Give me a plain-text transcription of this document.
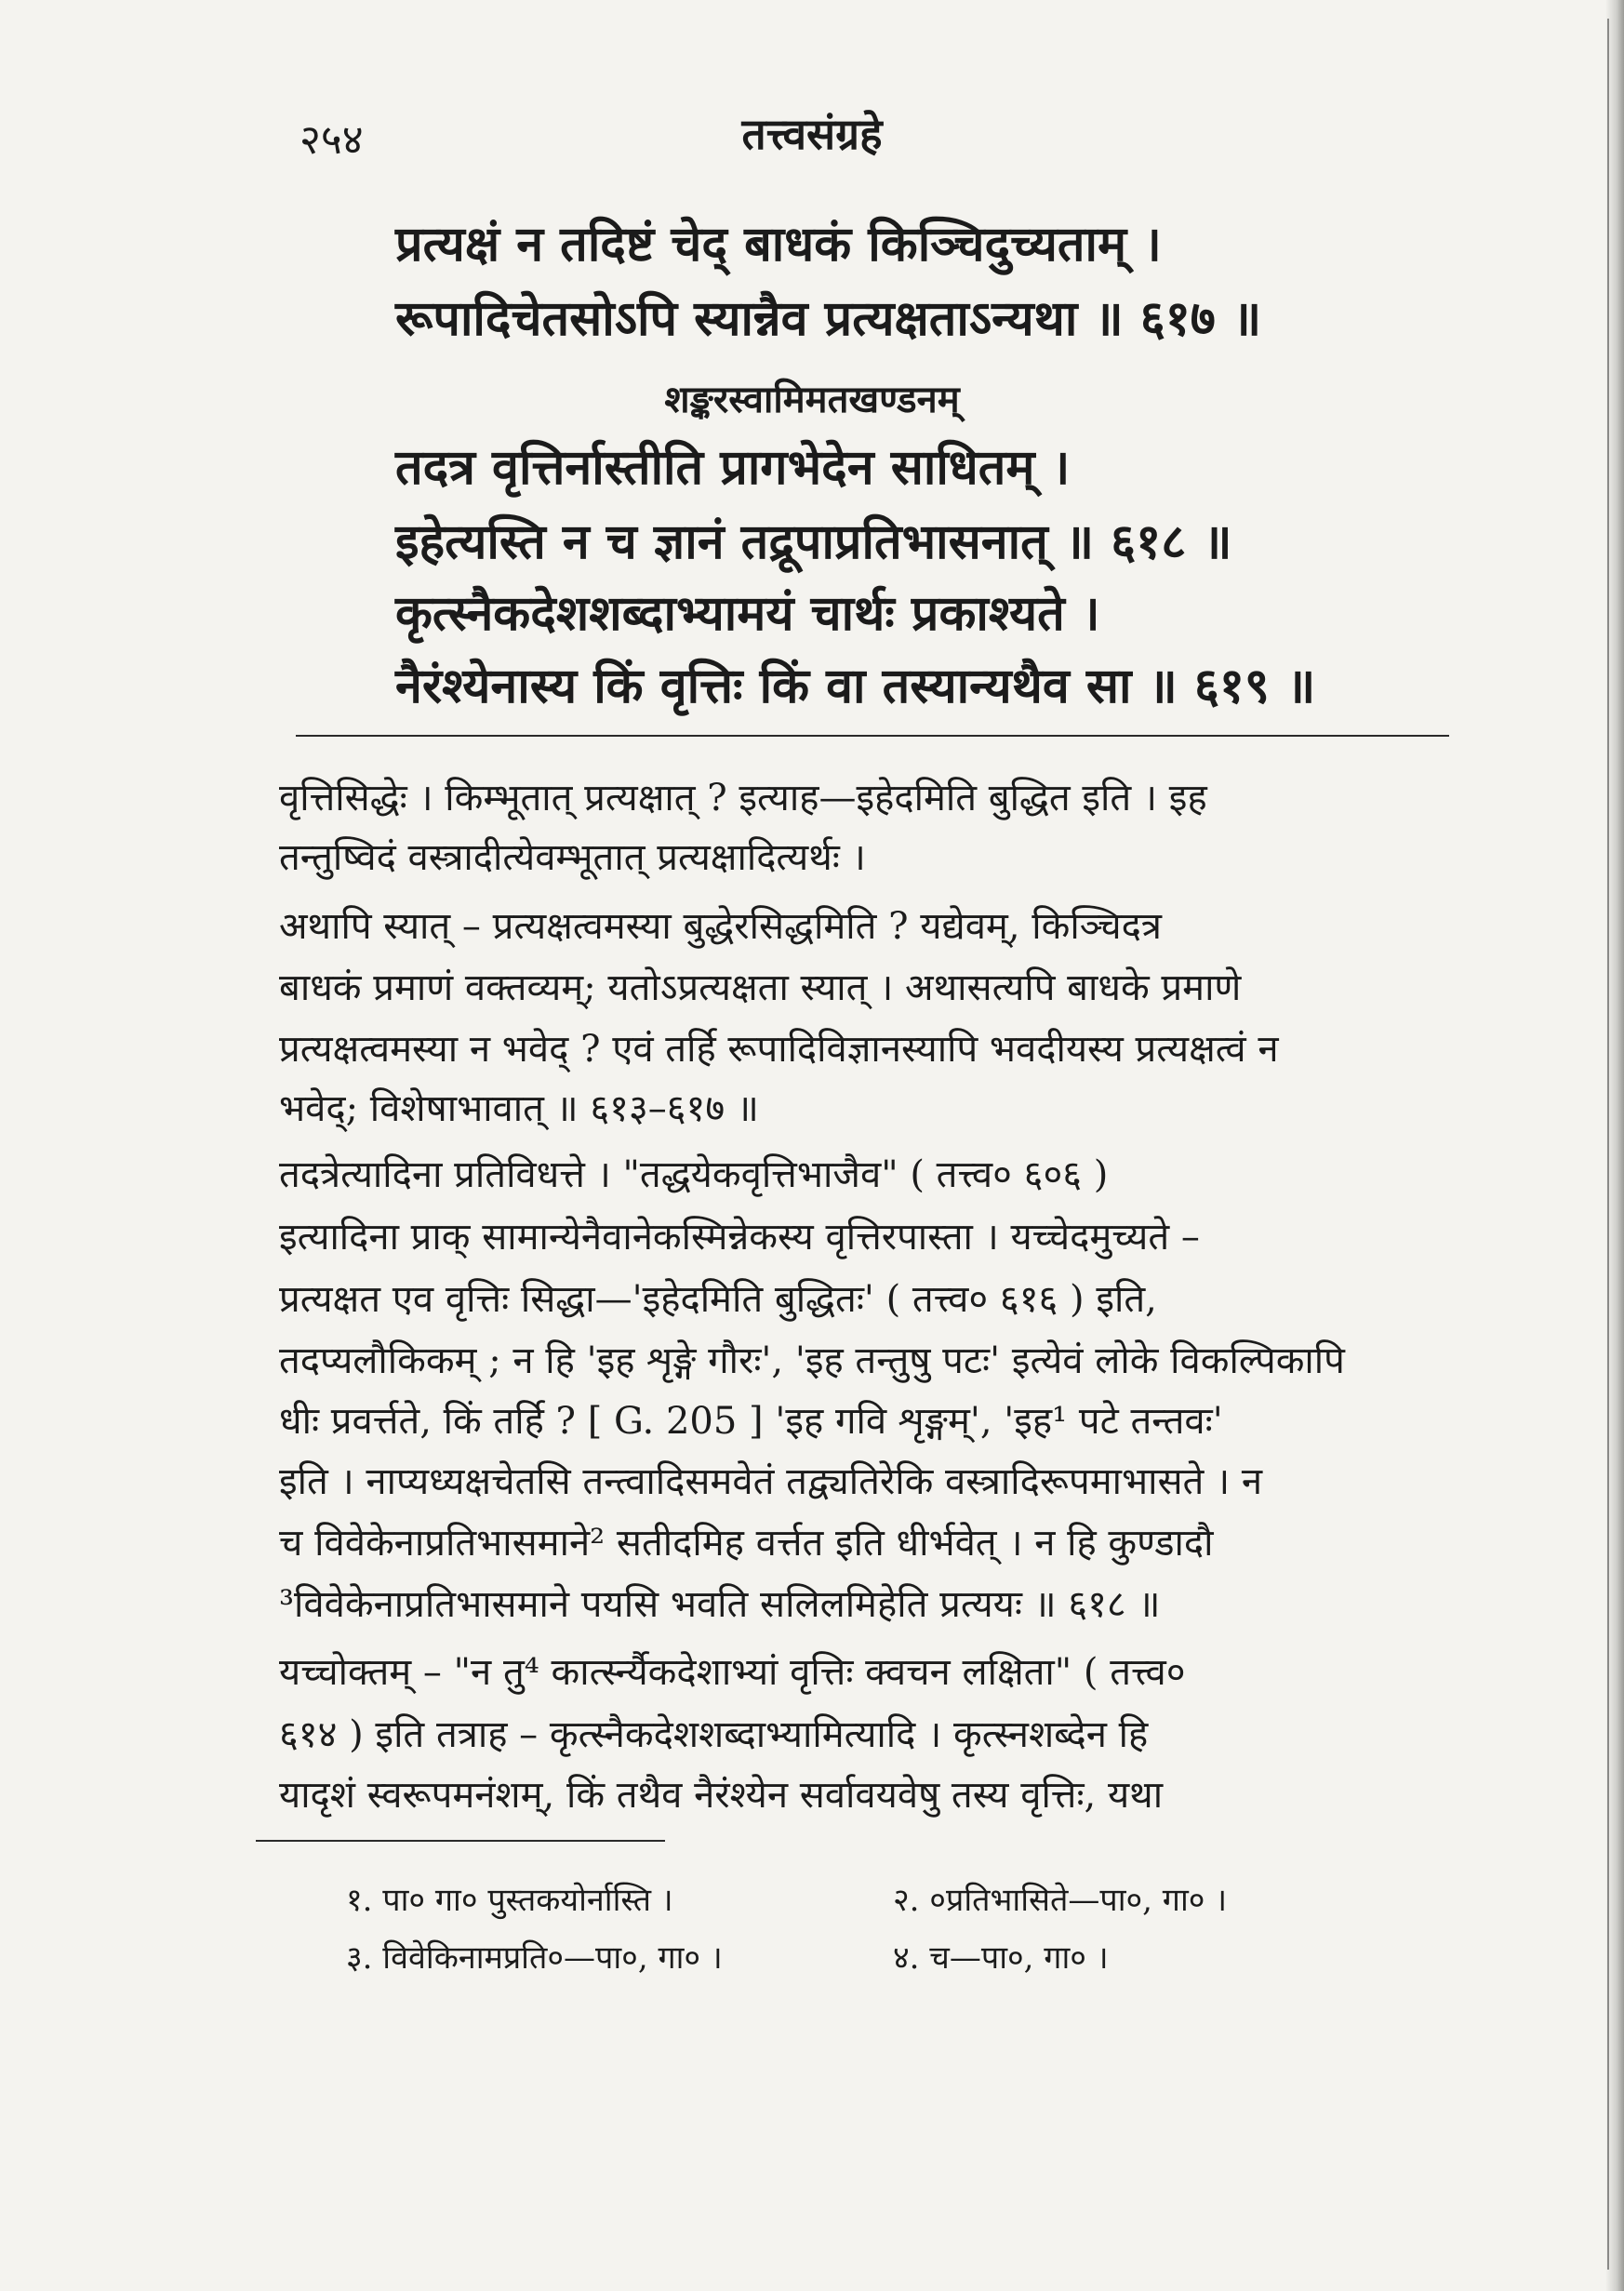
२५४	तत्त्वसंग्रहे
प्रत्यक्षं न तदिष्टं चेद् बाधकं किञ्चिदुच्यताम् ।
रूपादिचेतसोऽपि स्यान्नैव प्रत्यक्षताऽन्यथा ॥ ६१७ ॥
शङ्करस्वामिमतखण्डनम्
तदत्र वृत्तिर्नास्तीति प्रागभेदेन साधितम् ।
इहेत्यस्ति न च ज्ञानं तद्रूपाप्रतिभासनात् ॥ ६१८ ॥
कृत्स्नैकदेशशब्दाभ्यामयं चार्थः प्रकाश्यते ।
नैरंश्येनास्य किं वृत्तिः किं वा तस्यान्यथैव सा ॥ ६१९ ॥
वृत्तिसिद्धेः । किम्भूतात् प्रत्यक्षात् ? इत्याह—इहेदमिति बुद्धित इति । इह
तन्तुष्विदं वस्त्रादीत्येवम्भूतात् प्रत्यक्षादित्यर्थः ।
अथापि स्यात् – प्रत्यक्षत्वमस्या बुद्धेरसिद्धमिति ? यद्येवम्, किञ्चिदत्र
बाधकं प्रमाणं वक्तव्यम्; यतोऽप्रत्यक्षता स्यात् । अथासत्यपि बाधके प्रमाणे
प्रत्यक्षत्वमस्या न भवेद् ? एवं तर्हि रूपादिविज्ञानस्यापि भवदीयस्य प्रत्यक्षत्वं न
भवेद्; विशेषाभावात् ॥ ६१३–६१७ ॥
तदत्रेत्यादिना प्रतिविधत्ते । "तद्धयेकवृत्तिभाजैव" ( तत्त्व० ६०६ )
इत्यादिना प्राक् सामान्येनैवानेकस्मिन्नेकस्य वृत्तिरपास्ता । यच्चेदमुच्यते –
प्रत्यक्षत एव वृत्तिः सिद्धा—'इहेदमिति बुद्धितः' ( तत्त्व० ६१६ ) इति,
तदप्यलौकिकम् ; न हि 'इह शृङ्गे गौरः', 'इह तन्तुषु पटः' इत्येवं लोके विकल्पिकापि
धीः प्रवर्त्तते, किं तर्हि ? [ G. 205 ] 'इह गवि शृङ्गम्', 'इह¹ पटे तन्तवः'
इति । नाप्यध्यक्षचेतसि तन्त्वादिसमवेतं तद्व्यतिरेकि वस्त्रादिरूपमाभासते । न
च विवेकेनाप्रतिभासमाने² सतीदमिह वर्त्तत इति धीर्भवेत् । न हि कुण्डादौ
³विवेकेनाप्रतिभासमाने पयसि भवति सलिलमिहेति प्रत्ययः ॥ ६१८ ॥
यच्चोक्तम् – "न तु⁴ कार्त्स्न्यैकदेशाभ्यां वृत्तिः क्वचन लक्षिता" ( तत्त्व०
६१४ ) इति तत्राह – कृत्स्नैकदेशशब्दाभ्यामित्यादि । कृत्स्नशब्देन हि
यादृशं स्वरूपमनंशम्, किं तथैव नैरंश्येन सर्वावयवेषु तस्य वृत्तिः, यथा
१. पा० गा० पुस्तकयोर्नास्ति ।	२. ०प्रतिभासिते—पा०, गा० ।
३. विवेकिनामप्रति०—पा०, गा० ।	४. च—पा०, गा० ।
